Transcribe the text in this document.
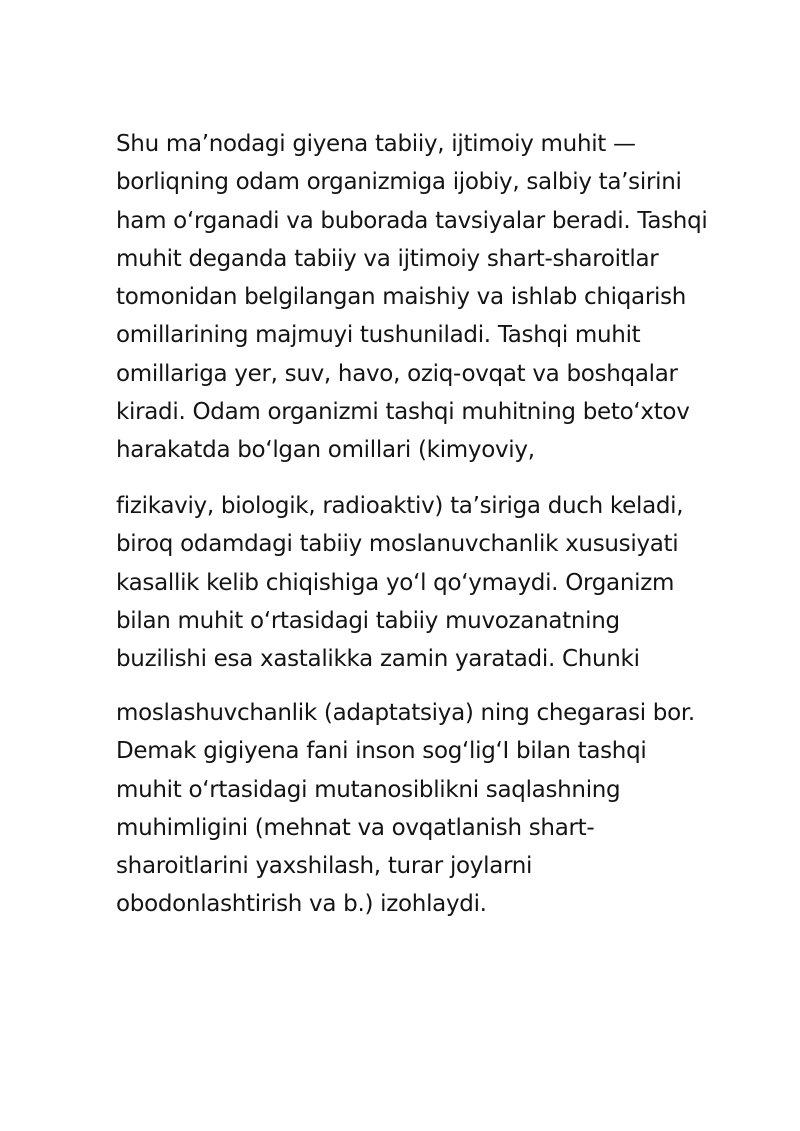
Shu ma’nodagi giyena tabiiy, ijtimoiy muhit —
borliqning odam organizmiga ijobiy, salbiy ta’sirini
ham o‘rganadi va buborada tavsiyalar beradi. Tashqi
muhit deganda tabiiy va ijtimoiy shart-sharoitlar
tomonidan belgilangan maishiy va ishlab chiqarish
omillarining majmuyi tushuniladi. Tashqi muhit
omillariga yer, suv, havo, oziq-ovqat va boshqalar
kiradi. Odam organizmi tashqi muhitning beto‘xtov
harakatda bo‘lgan omillari (kimyoviy,
fizikaviy, biologik, radioaktiv) ta’siriga duch keladi,
biroq odamdagi tabiiy moslanuvchanlik xususiyati
kasallik kelib chiqishiga yo‘l qo‘ymaydi. Organizm
bilan muhit o‘rtasidagi tabiiy muvozanatning
buzilishi esa xastalikka zamin yaratadi. Chunki
moslashuvchanlik (adaptatsiya) ning chegarasi bor.
Demak gigiyena fani inson sog‘lig‘I bilan tashqi
muhit o‘rtasidagi mutanosiblikni saqlashning
muhimligini (mehnat va ovqatlanish shart-
sharoitlarini yaxshilash, turar joylarni
obodonlashtirish va b.) izohlaydi.
